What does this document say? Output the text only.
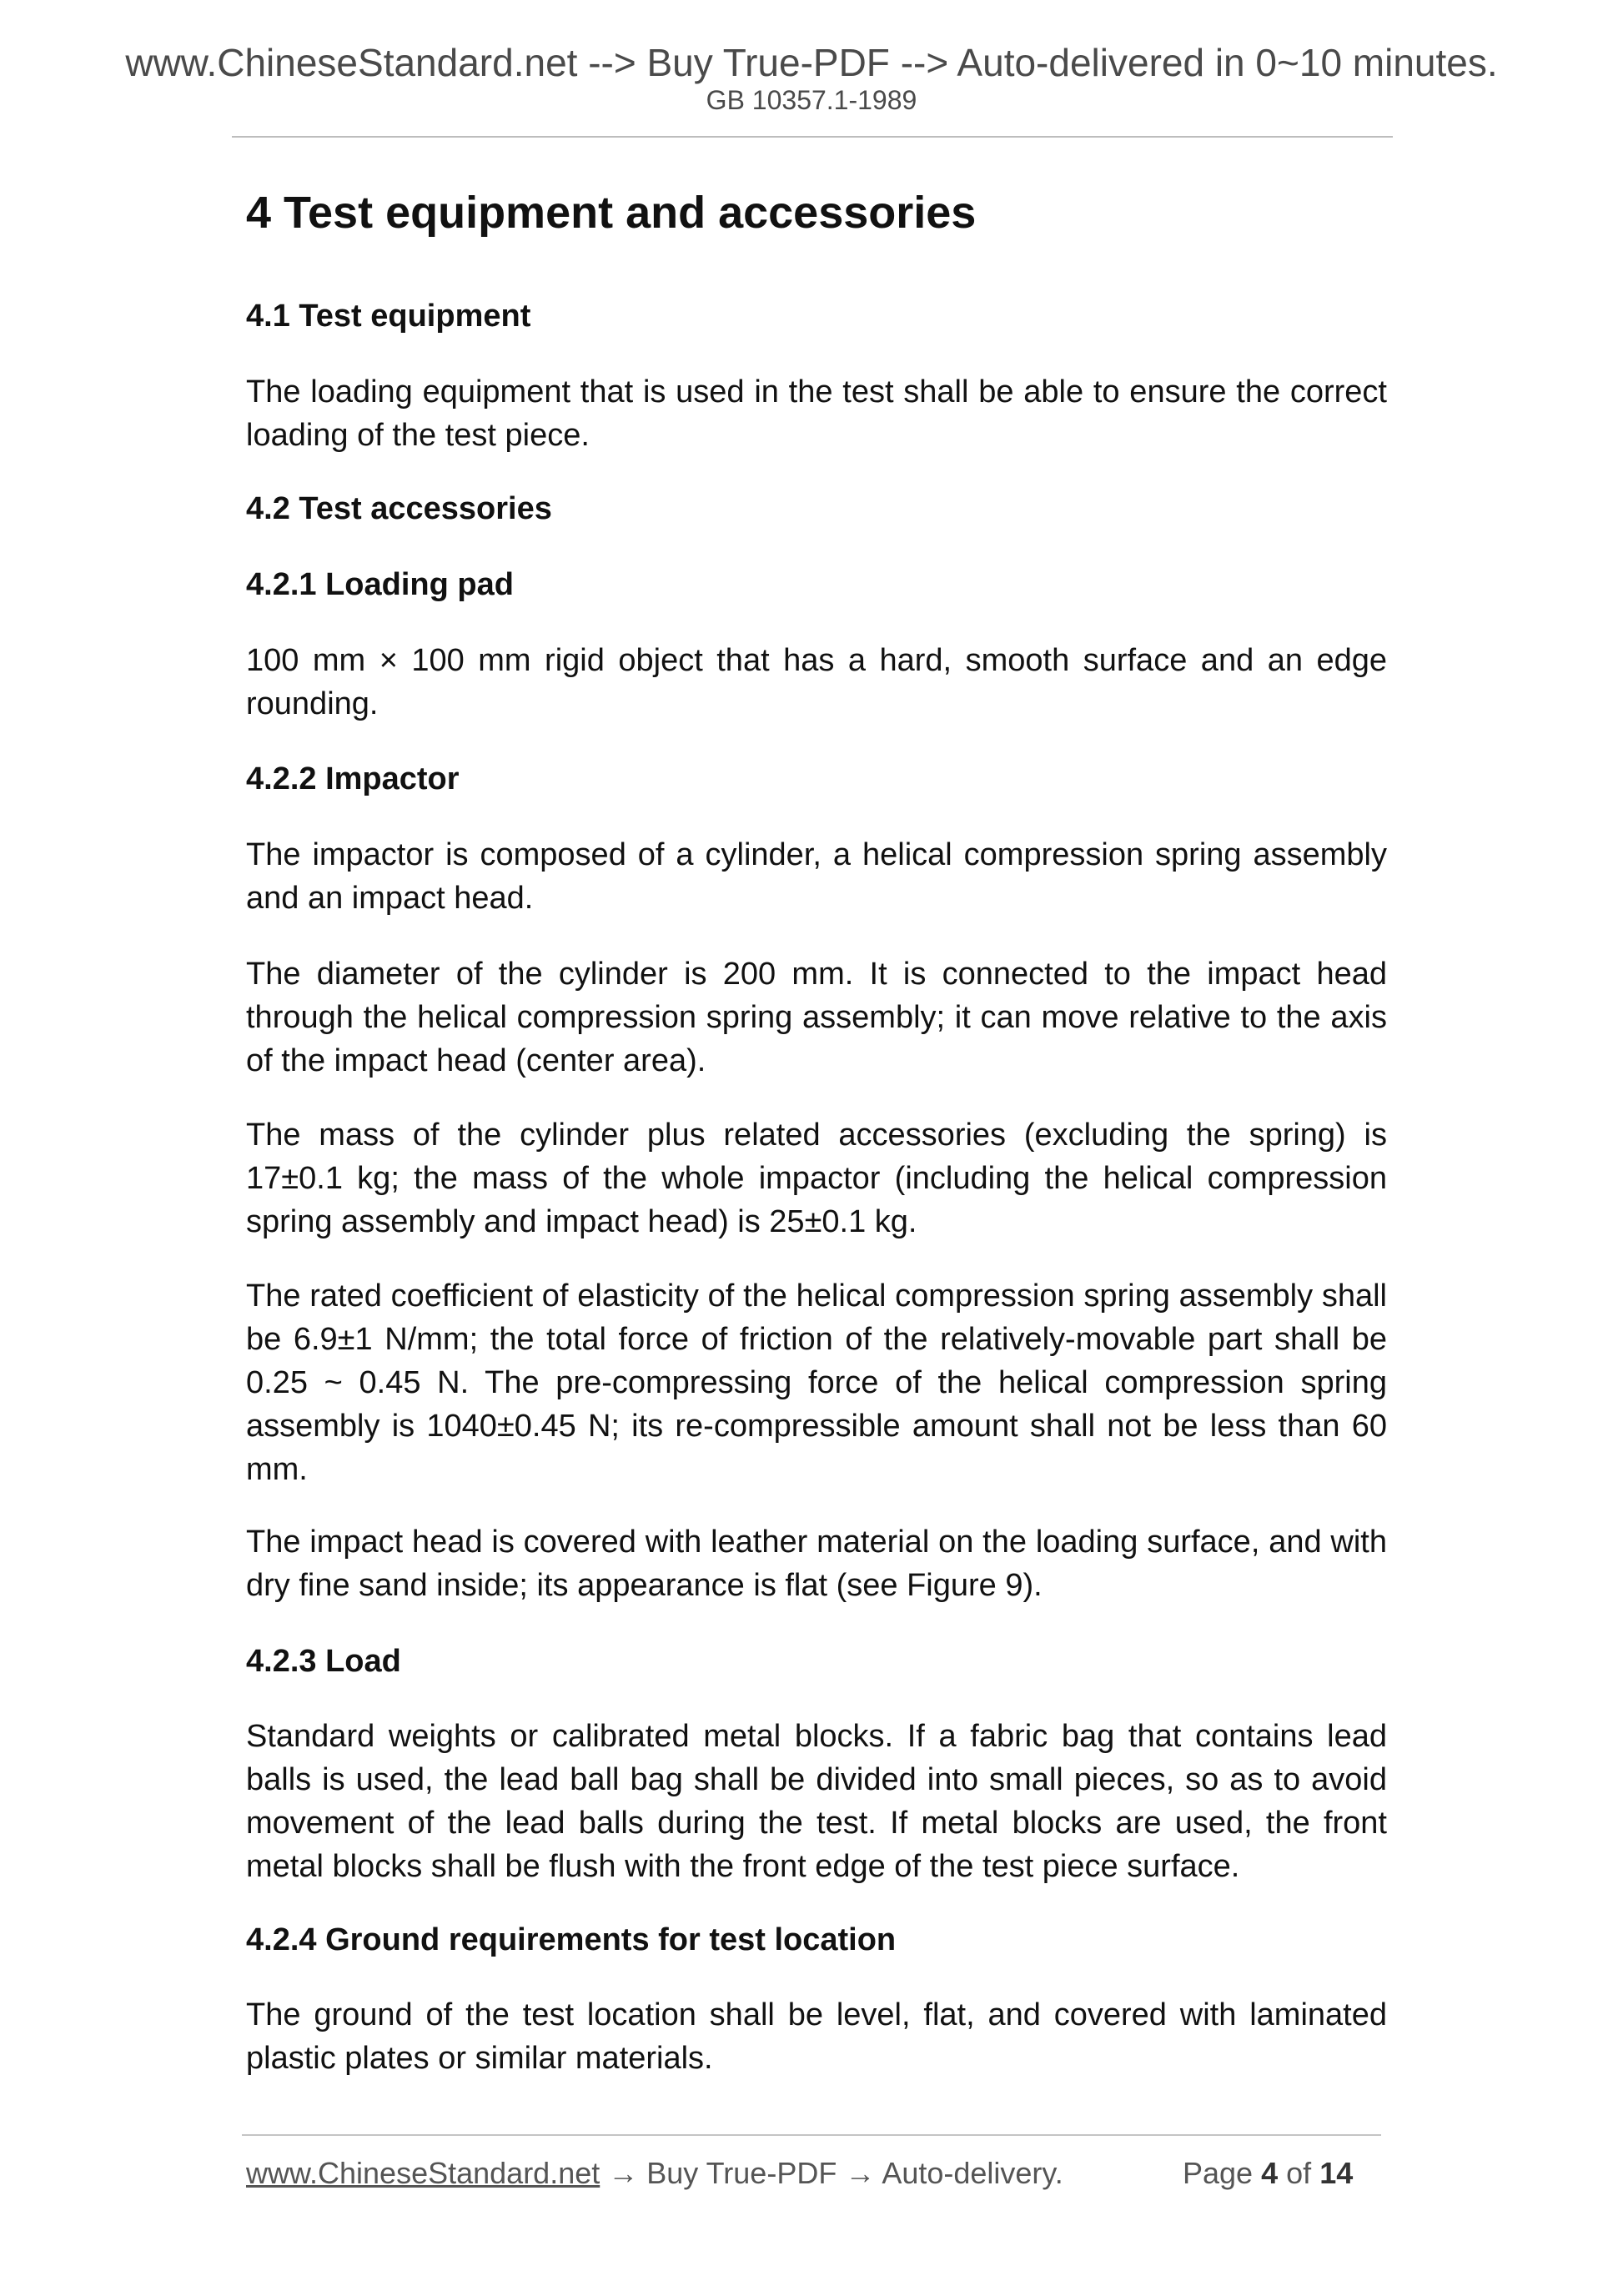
www.ChineseStandard.net --> Buy True-PDF --> Auto-delivered in 0~10 minutes.
GB 10357.1-1989
4 Test equipment and accessories
4.1 Test equipment
The loading equipment that is used in the test shall be able to ensure the correct loading of the test piece.
4.2 Test accessories
4.2.1 Loading pad
100 mm × 100 mm rigid object that has a hard, smooth surface and an edge rounding.
4.2.2 Impactor
The impactor is composed of a cylinder, a helical compression spring assembly and an impact head.
The diameter of the cylinder is 200 mm. It is connected to the impact head through the helical compression spring assembly; it can move relative to the axis of the impact head (center area).
The mass of the cylinder plus related accessories (excluding the spring) is 17±0.1 kg; the mass of the whole impactor (including the helical compression spring assembly and impact head) is 25±0.1 kg.
The rated coefficient of elasticity of the helical compression spring assembly shall be 6.9±1 N/mm; the total force of friction of the relatively-movable part shall be 0.25 ~ 0.45 N. The pre-compressing force of the helical compression spring assembly is 1040±0.45 N; its re-compressible amount shall not be less than 60 mm.
The impact head is covered with leather material on the loading surface, and with dry fine sand inside; its appearance is flat (see Figure 9).
4.2.3 Load
Standard weights or calibrated metal blocks. If a fabric bag that contains lead balls is used, the lead ball bag shall be divided into small pieces, so as to avoid movement of the lead balls during the test. If metal blocks are used, the front metal blocks shall be flush with the front edge of the test piece surface.
4.2.4 Ground requirements for test location
The ground of the test location shall be level, flat, and covered with laminated plastic plates or similar materials.
www.ChineseStandard.net → Buy True-PDF → Auto-delivery.	Page 4 of 14
